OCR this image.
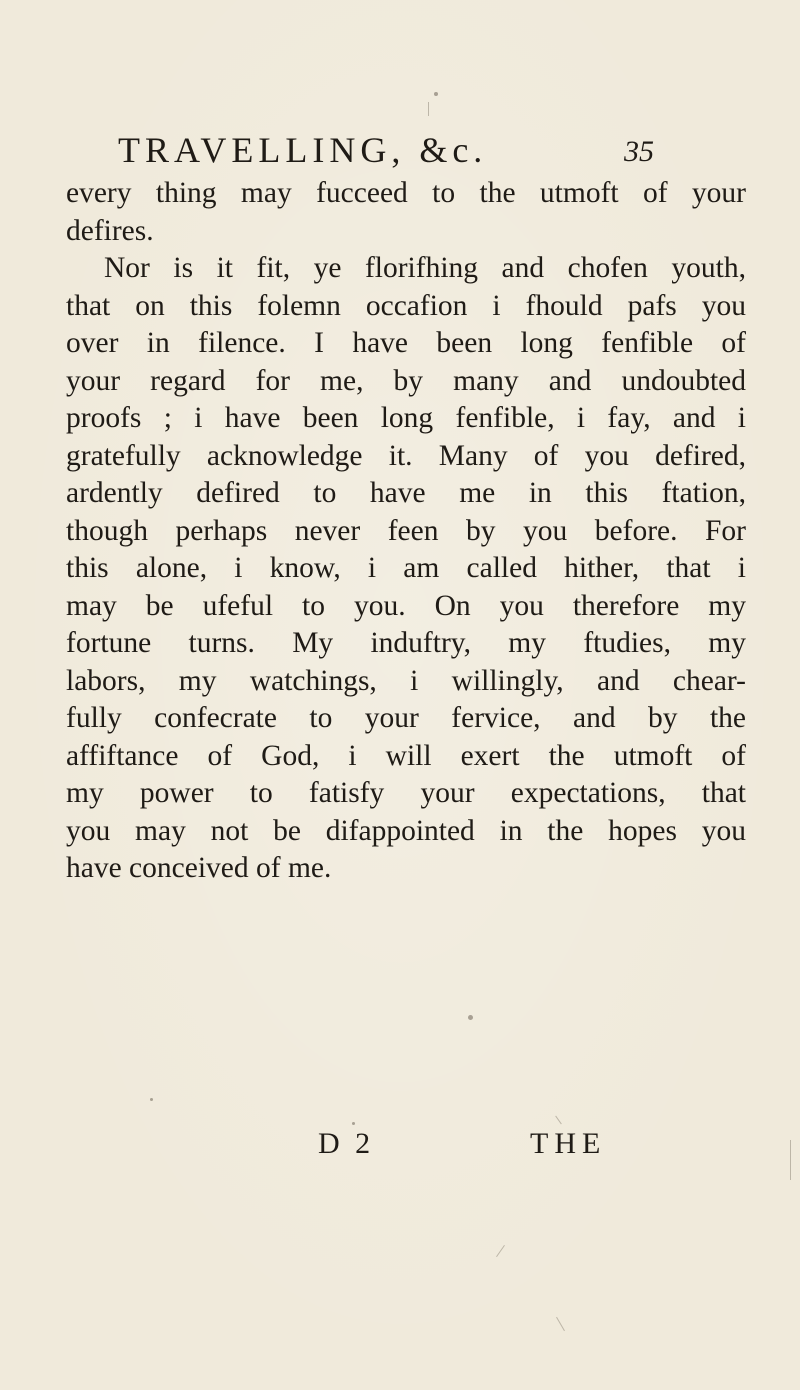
TRAVELLING, &c.	35
every thing may fucceed to the utmoft of your
defires.
Nor is it fit, ye florifhing and chofen youth,
that on this folemn occafion i fhould pafs you
over in filence. I have been long fenfible of
your regard for me, by many and undoubted
proofs ; i have been long fenfible, i fay, and i
gratefully acknowledge it. Many of you defired,
ardently defired to have me in this ftation,
though perhaps never feen by you before. For
this alone, i know, i am called hither, that i
may be ufeful to you. On you therefore my
fortune turns. My induftry, my ftudies, my
labors, my watchings, i willingly, and chear-
fully confecrate to your fervice, and by the
affiftance of God, i will exert the utmoft of
my power to fatisfy your expectations, that
you may not be difappointed in the hopes you
have conceived of me.
D 2	THE
